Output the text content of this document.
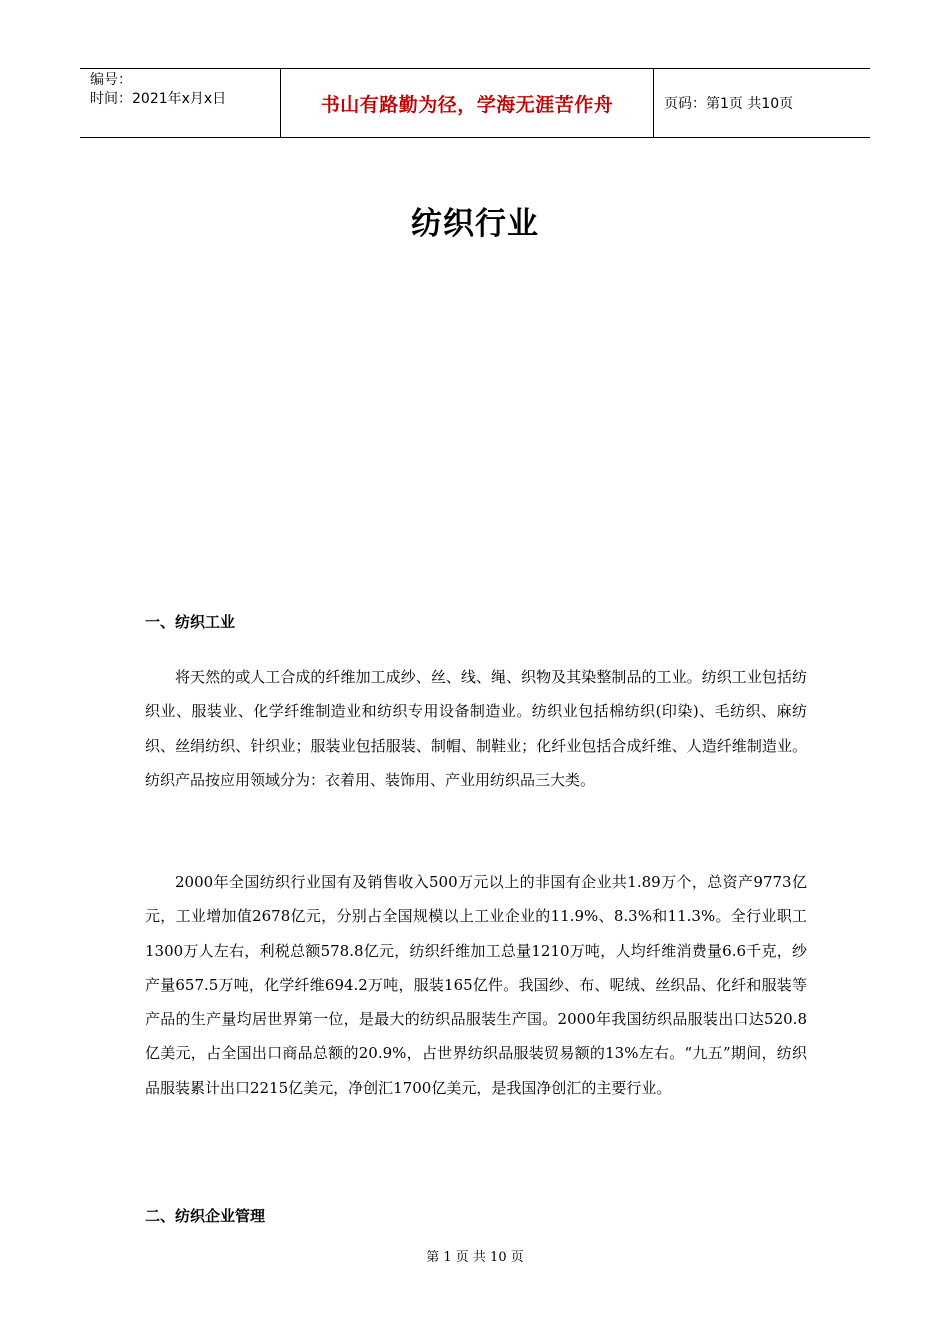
编号：
时间：2021年x月x日	书山有路勤为径，学海无涯苦作舟	页码：第1页 共10页
纺织行业
一、纺织工业

将天然的或人工合成的纤维加工成纱、丝、线、绳、织物及其染整制品的工业。纺织工业包括纺织业、服装业、化学纤维制造业和纺织专用设备制造业。纺织业包括棉纺织(印染)、毛纺织、麻纺织、丝绢纺织、针织业；服装业包括服装、制帽、制鞋业；化纤业包括合成纤维、人造纤维制造业。纺织产品按应用领域分为：衣着用、装饰用、产业用纺织品三大类。

2000年全国纺织行业国有及销售收入500万元以上的非国有企业共1.89万个，总资产9773亿元，工业增加值2678亿元，分别占全国规模以上工业企业的11.9%、8.3%和11.3%。全行业职工1300万人左右，利税总额578.8亿元，纺织纤维加工总量1210万吨，人均纤维消费量6.6千克，纱产量657.5万吨，化学纤维694.2万吨，服装165亿件。我国纱、布、呢绒、丝织品、化纤和服装等产品的生产量均居世界第一位，是最大的纺织品服装生产国。2000年我国纺织品服装出口达520.8亿美元，占全国出口商品总额的20.9%，占世界纺织品服装贸易额的13%左右。“九五”期间，纺织品服装累计出口2215亿美元，净创汇1700亿美元，是我国净创汇的主要行业。

二、纺织企业管理
第 1 页 共 10 页
